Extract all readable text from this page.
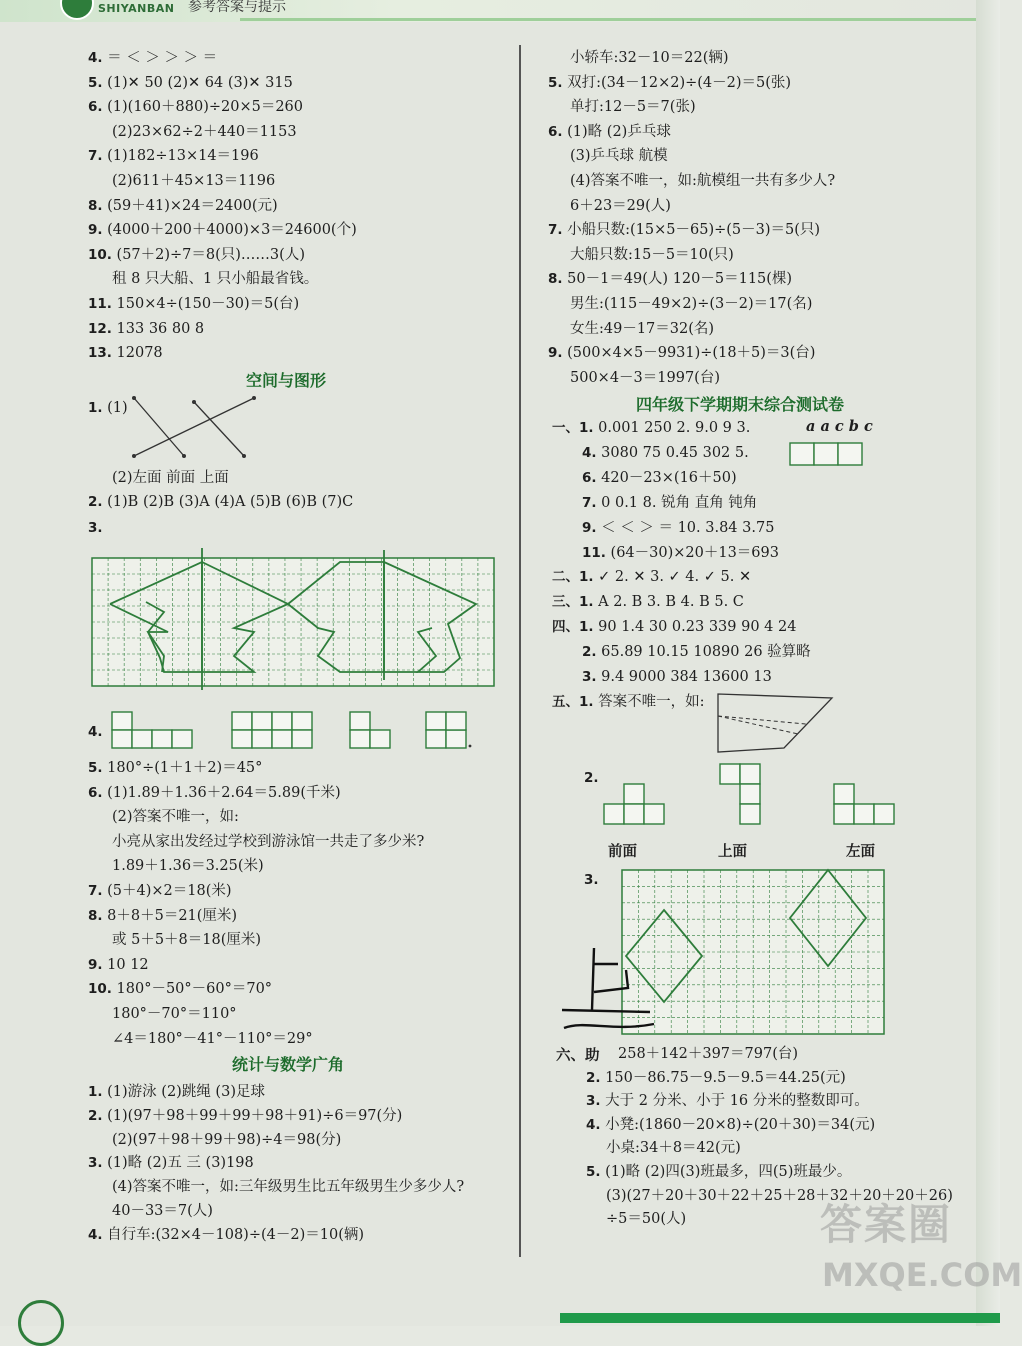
SHIYANBAN 参考答案与提示
4. ＝ ＜ ＞ ＞ ＞ ＝
5. (1)✕ 50 (2)✕ 64 (3)✕ 315
6. (1)(160＋880)÷20×5＝260
(2)23×62÷2＋440＝1153
7. (1)182÷13×14＝196
(2)611＋45×13＝1196
8. (59＋41)×24＝2400(元)
9. (4000＋200＋4000)×3＝24600(个)
10. (57＋2)÷7＝8(只)……3(人)
租 8 只大船、1 只小船最省钱。
11. 150×4÷(150－30)＝5(台)
12. 133 36 80 8
13. 12078
空间与图形
1. (1)
(2)左面 前面 上面
2. (1)B (2)B (3)A (4)A (5)B (6)B (7)C
3.
4.
5. 180°÷(1＋1＋2)＝45°
6. (1)1.89＋1.36＋2.64＝5.89(千米)
(2)答案不唯一，如:
小亮从家出发经过学校到游泳馆一共走了多少米?
1.89＋1.36＝3.25(米)
7. (5＋4)×2＝18(米)
8. 8＋8＋5＝21(厘米)
或 5＋5＋8＝18(厘米)
9. 10 12
10. 180°－50°－60°＝70°
180°－70°＝110°
∠4＝180°－41°－110°＝29°
统计与数学广角
1. (1)游泳 (2)跳绳 (3)足球
2. (1)(97＋98＋99＋99＋98＋91)÷6＝97(分)
(2)(97＋98＋99＋98)÷4＝98(分)
3. (1)略 (2)五 三 (3)198
(4)答案不唯一，如:三年级男生比五年级男生少多少人?
40－33＝7(人)
4. 自行车:(32×4－108)÷(4－2)＝10(辆)
小轿车:32－10＝22(辆)
5. 双打:(34－12×2)÷(4－2)＝5(张)
单打:12－5＝7(张)
6. (1)略 (2)乒乓球
(3)乒乓球 航模
(4)答案不唯一，如:航模组一共有多少人?
6＋23＝29(人)
7. 小船只数:(15×5－65)÷(5－3)＝5(只)
大船只数:15－5＝10(只)
8. 50－1＝49(人) 120－5＝115(棵)
男生:(115－49×2)÷(3－2)＝17(名)
女生:49－17＝32(名)
9. (500×4×5－9931)÷(18＋5)＝3(台)
500×4－3＝1997(台)
四年级下学期期末综合测试卷
一、1. 0.001 250 2. 9.0 9 3.
4. 3080 75 0.45 302 5.
6. 420－23×(16＋50)
7. 0 0.1 8. 锐角 直角 钝角
9. ＜ ＜ ＞ ＝ 10. 3.84 3.75
11. (64－30)×20＋13＝693
二、1. ✓ 2. ✕ 3. ✓ 4. ✓ 5. ✕
三、1. A 2. B 3. B 4. B 5. C
四、1. 90 1.4 30 0.23 339 90 4 24
2. 65.89 10.15 10890 26 验算略
3. 9.4 9000 384 13600 13
五、1. 答案不唯一，如:
a a c b c
2.
前面	上面	左面
3.
六、助 258＋142＋397＝797(台)
2. 150－86.75－9.5－9.5＝44.25(元)
3. 大于 2 分米、小于 16 分米的整数即可。
4. 小凳:(1860－20×8)÷(20＋30)＝34(元)
小桌:34＋8＝42(元)
5. (1)略 (2)四(3)班最多，四(5)班最少。
(3)(27＋20＋30＋22＋25＋28＋32＋20＋20＋26)
÷5＝50(人)	答案圈
MXQE.COM
